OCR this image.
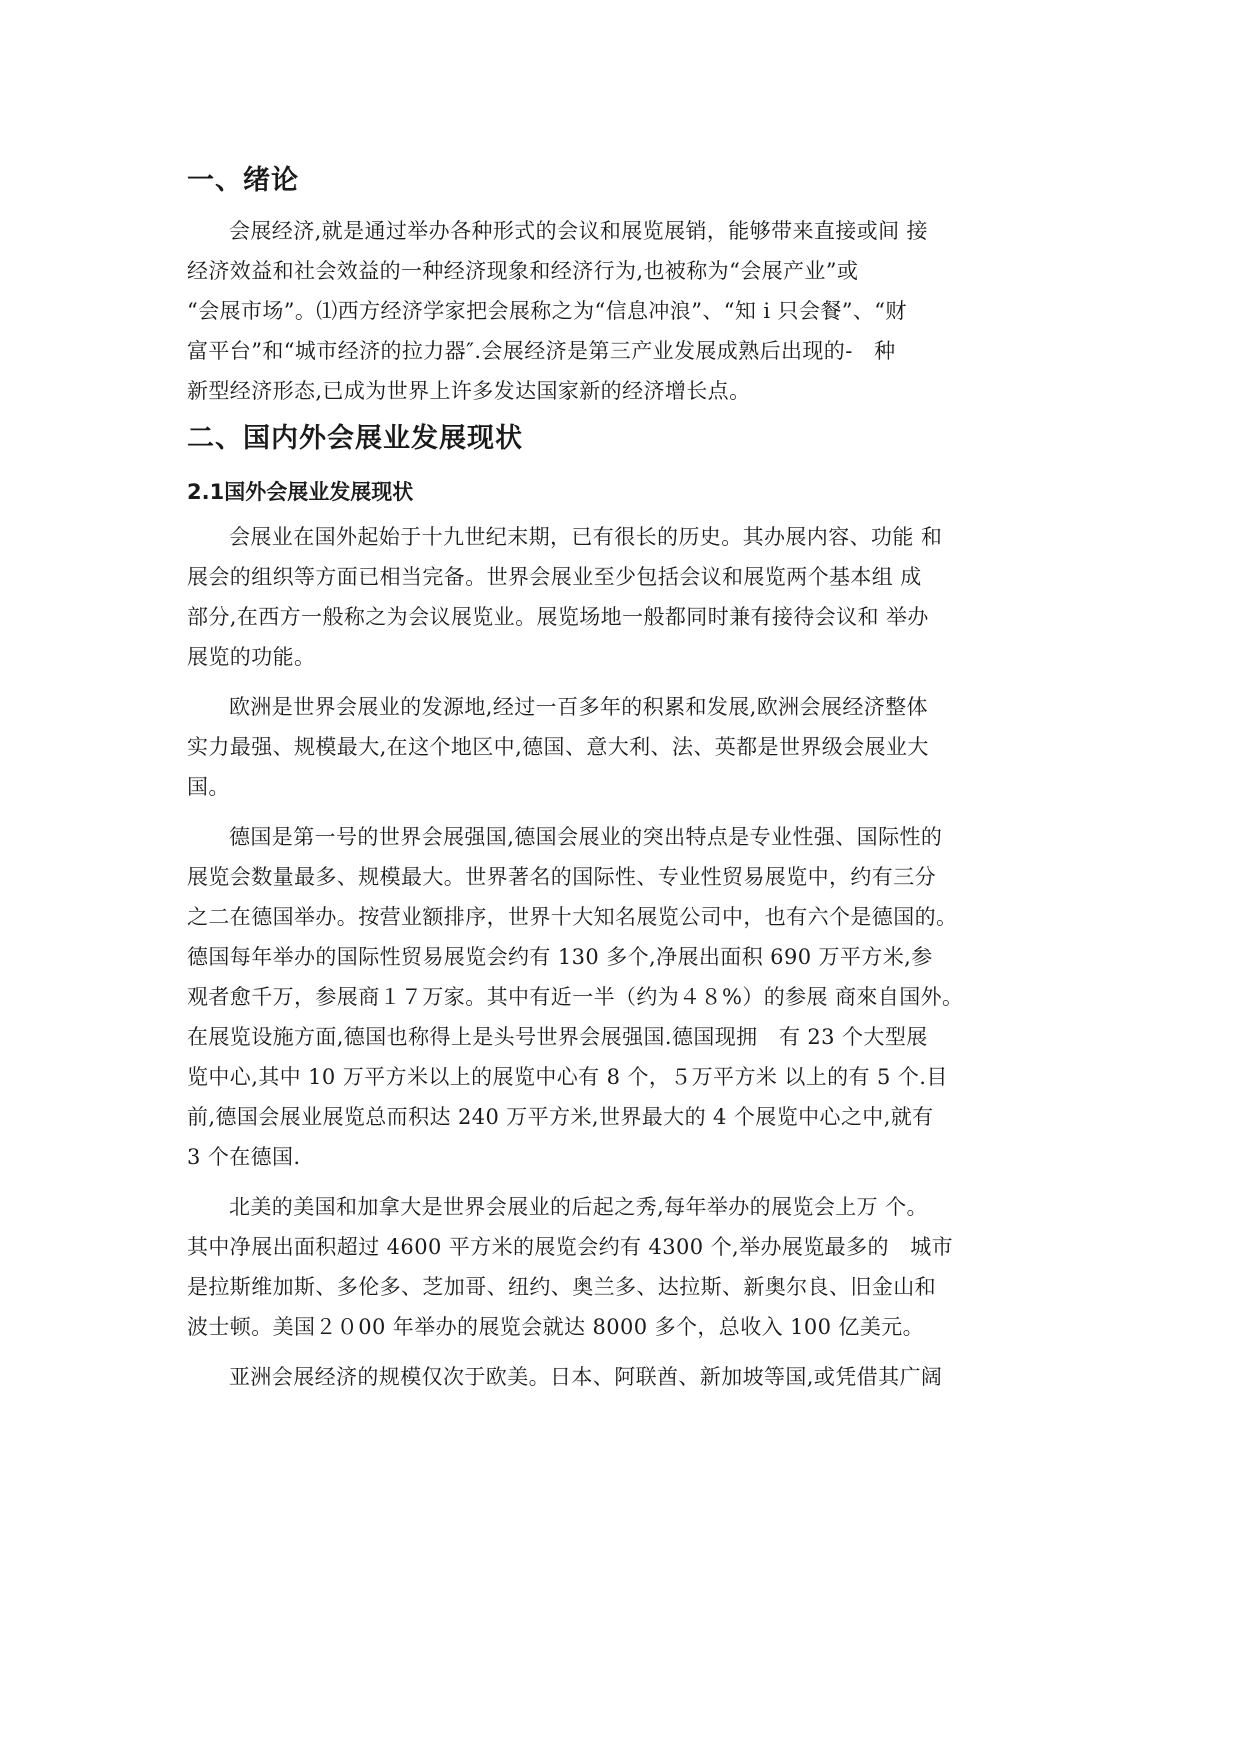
一、绪论

会展经济,就是通过举办各种形式的会议和展览展销，能够带来直接或间 接
经济效益和社会效益的一种经济现象和经济行为,也被称为“会展产业”或
“会展市场”。⑴西方经济学家把会展称之为“信息冲浪”、“知 i 只会餐”、“财
富平台”和“城市经济的拉力器″.会展经济是第三产业发展成熟后出现的-　种
新型经济形态,已成为世界上许多发达国家新的经济增长点。

二、国内外会展业发展现状
2.1国外会展业发展现状

会展业在国外起始于十九世纪末期，已有很长的历史。其办展内容、功能 和
展会的组织等方面已相当完备。世界会展业至少包括会议和展览两个基本组 成
部分,在西方一般称之为会议展览业。展览场地一般都同时兼有接待会议和 举办
展览的功能。

欧洲是世界会展业的发源地,经过一百多年的积累和发展,欧洲会展经济整体
实力最强、规模最大,在这个地区中,德国、意大利、法、英都是世界级会展业大
国。

德国是第一号的世界会展强国,德国会展业的突出特点是专业性强、国际性的
展览会数量最多、规模最大。世界著名的国际性、专业性贸易展览中，约有三分
之二在德国举办。按营业额排序，世界十大知名展览公司中，也有六个是德国的。
德国每年举办的国际性贸易展览会约有 130 多个,净展出面积 690 万平方米,参
观者愈千万，参展商１７万家。其中有近一半（约为４８%）的参展 商來自国外。
在展览设施方面,德国也称得上是头号世界会展强国.德国现拥　有 23 个大型展
览中心,其中 10 万平方米以上的展览中心有 8 个，５万平方米 以上的有 5 个.目
前,德国会展业展览总而积达 240 万平方米,世界最大的 4 个展览中心之中,就有
3 个在德国.

北美的美国和加拿大是世界会展业的后起之秀,每年举办的展览会上万 个。
其中净展出面积超过 4600 平方米的展览会约有 4300 个,举办展览最多的　城市
是拉斯维加斯、多伦多、芝加哥、纽约、奥兰多、达拉斯、新奥尔良、旧金山和
波士顿。美国２０00 年举办的展览会就达 8000 多个，总收入 100 亿美元。

亚洲会展经济的规模仅次于欧美。日本、阿联酋、新加坡等国,或凭借其广阔
